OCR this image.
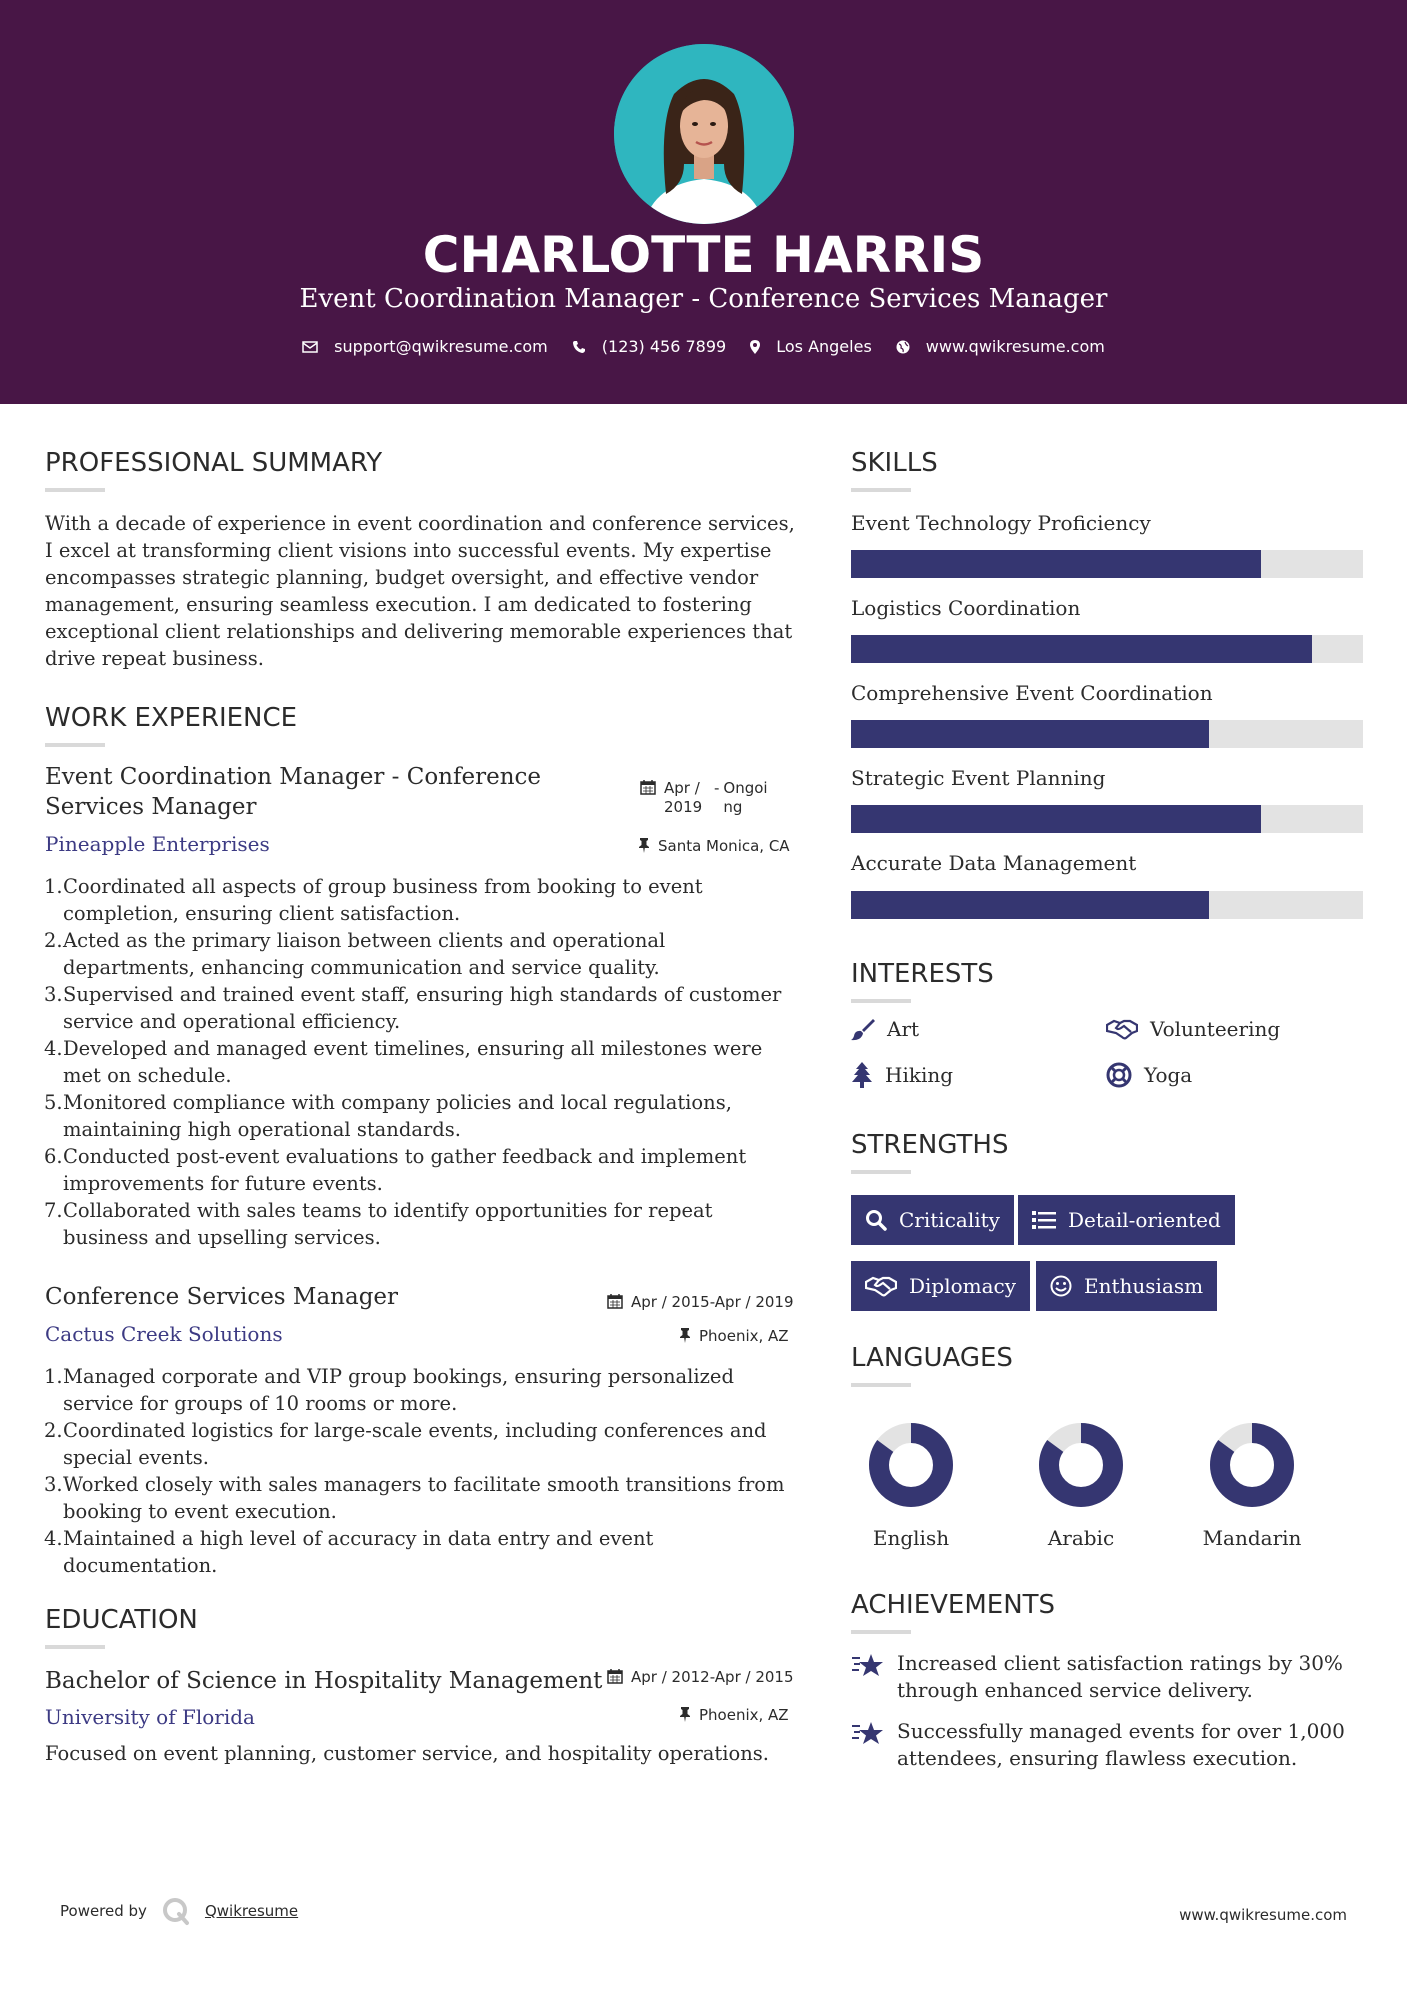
CHARLOTTE HARRIS
Event Coordination Manager - Conference Services Manager
support@qwikresume.com	(123) 456 7899	Los Angeles	www.qwikresume.com
PROFESSIONAL SUMMARY
With a decade of experience in event coordination and conference services, I excel at transforming client visions into successful events. My expertise encompasses strategic planning, budget oversight, and effective vendor management, ensuring seamless execution. I am dedicated to fostering exceptional client relationships and delivering memorable experiences that drive repeat business.
WORK EXPERIENCE
Event Coordination Manager - Conference Services Manager
Apr / 2019
- Ongoing
Pineapple Enterprises	Santa Monica, CA
1. Coordinated all aspects of group business from booking to event completion, ensuring client satisfaction.
2. Acted as the primary liaison between clients and operational departments, enhancing communication and service quality.
3. Supervised and trained event staff, ensuring high standards of customer service and operational efficiency.
4. Developed and managed event timelines, ensuring all milestones were met on schedule.
5. Monitored compliance with company policies and local regulations, maintaining high operational standards.
6. Conducted post-event evaluations to gather feedback and implement improvements for future events.
7. Collaborated with sales teams to identify opportunities for repeat business and upselling services.
Conference Services Manager	Apr / 2015-Apr / 2019
Cactus Creek Solutions	Phoenix, AZ
1. Managed corporate and VIP group bookings, ensuring personalized service for groups of 10 rooms or more.
2. Coordinated logistics for large-scale events, including conferences and special events.
3. Worked closely with sales managers to facilitate smooth transitions from booking to event execution.
4. Maintained a high level of accuracy in data entry and event documentation.
EDUCATION
Bachelor of Science in Hospitality Management Apr / 2012-Apr / 2015
University of Florida	Phoenix, AZ
Focused on event planning, customer service, and hospitality operations.
SKILLS
Event Technology Proficiency
Logistics Coordination
Comprehensive Event Coordination
Strategic Event Planning
Accurate Data Management
INTERESTS
Art	Volunteering
Hiking	Yoga
STRENGTHS
Criticality	Detail-oriented
Diplomacy	Enthusiasm
LANGUAGES
English	Arabic	Mandarin
ACHIEVEMENTS
Increased client satisfaction ratings by 30% through enhanced service delivery.
Successfully managed events for over 1,000 attendees, ensuring flawless execution.
Powered by	Qwikresume	www.qwikresume.com
